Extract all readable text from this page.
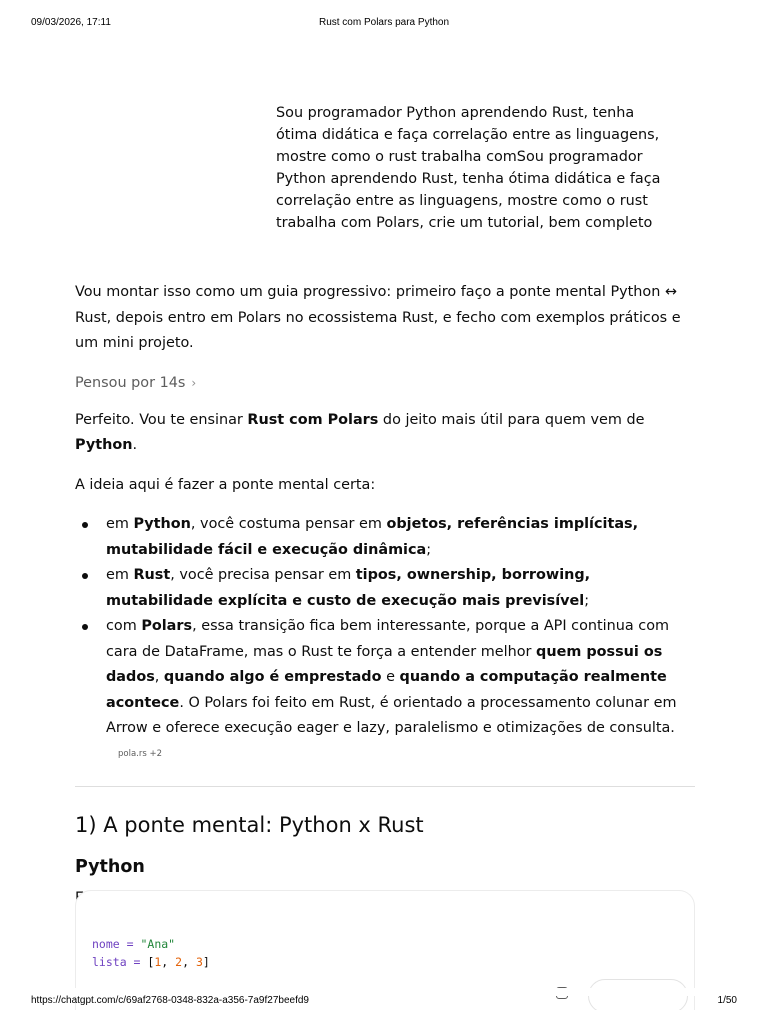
09/03/2026, 17:11	Rust com Polars para Python
Sou programador Python aprendendo Rust, tenha ótima didática e faça correlação entre as linguagens, mostre como o rust trabalha comSou programador Python aprendendo Rust, tenha ótima didática e faça correlação entre as linguagens, mostre como o rust trabalha com Polars, crie um tutorial, bem completo

Vou montar isso como um guia progressivo: primeiro faço a ponte mental Python ↔ Rust, depois entro em Polars no ecossistema Rust, e fecho com exemplos práticos e um mini projeto.

Pensou por 14s ›

Perfeito. Vou te ensinar Rust com Polars do jeito mais útil para quem vem de Python.

A ideia aqui é fazer a ponte mental certa:

em Python, você costuma pensar em objetos, referências implícitas, mutabilidade fácil e execução dinâmica;
em Rust, você precisa pensar em tipos, ownership, borrowing, mutabilidade explícita e custo de execução mais previsível;
com Polars, essa transição fica bem interessante, porque a API continua com cara de DataFrame, mas o Rust te força a entender melhor quem possui os dados, quando algo é emprestado e quando a computação realmente acontece. O Polars foi feito em Rust, é orientado a processamento colunar em Arrow e oferece execução eager e lazy, paralelismo e otimizações de consulta.pola.rs +2
1) A ponte mental: Python x Rust
Python

nome = "Ana"
lista = [1, 2, 3]
https://chatgpt.com/c/69af2768-0348-832a-a356-7a9f27beefd9	1/50
